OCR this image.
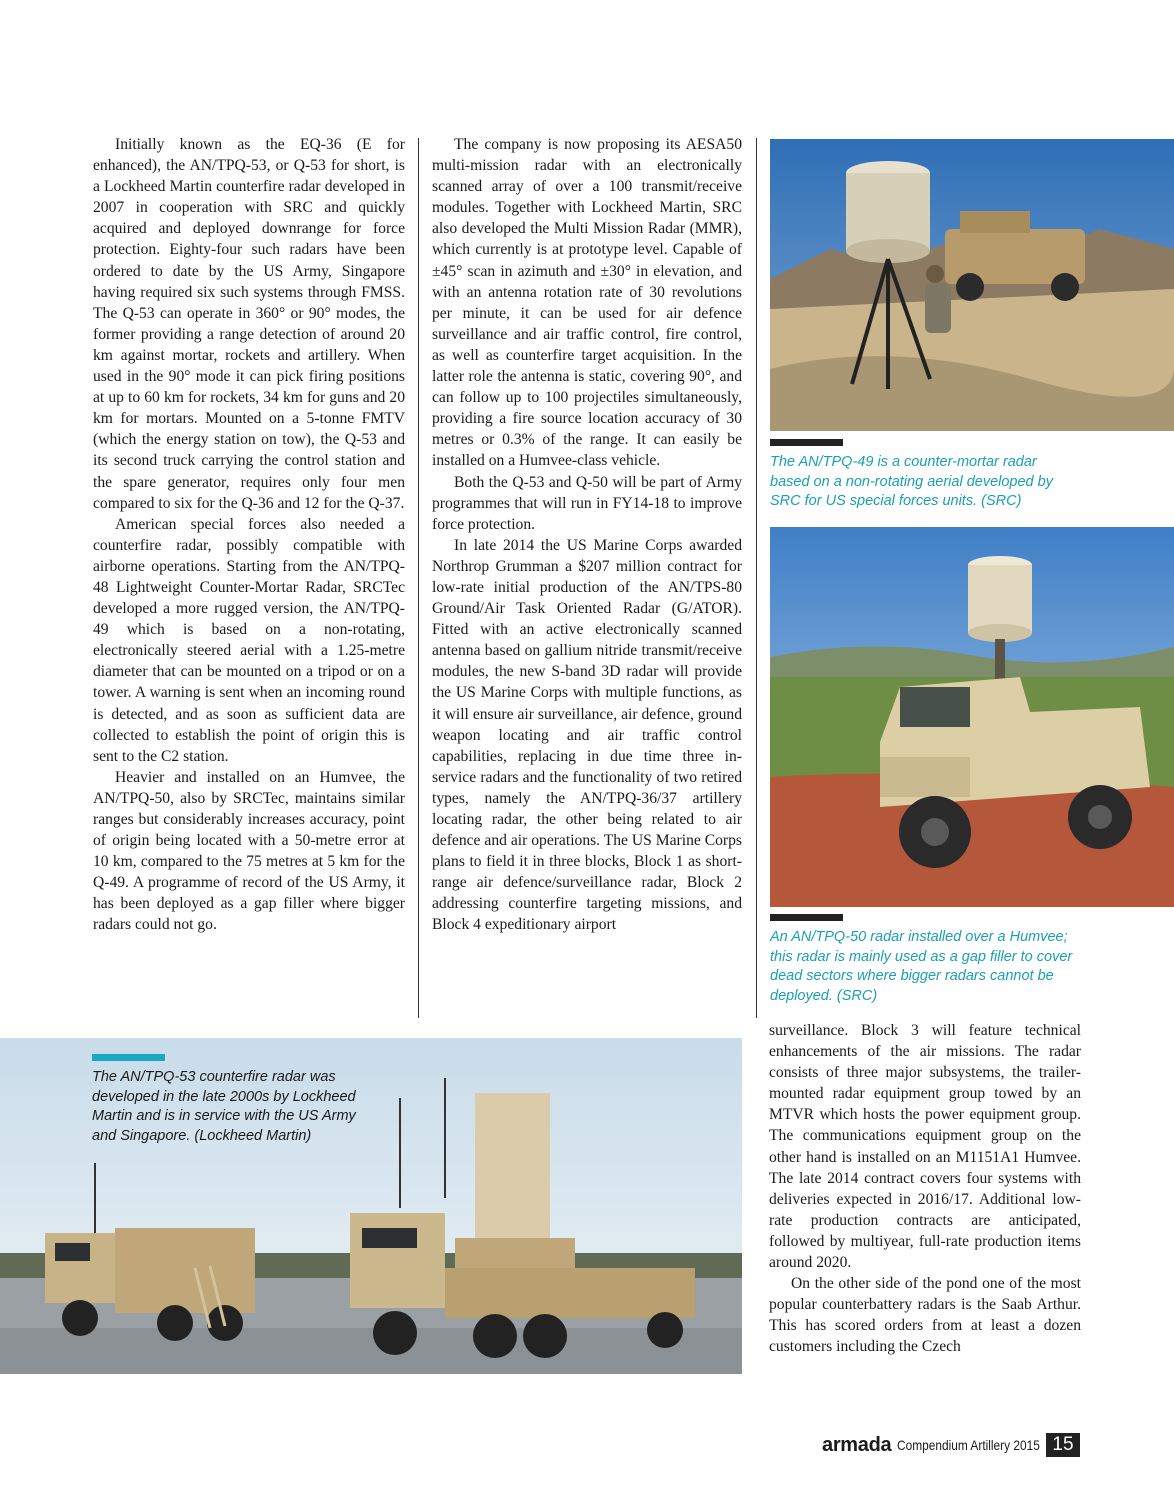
Initially known as the EQ-36 (E for enhanced), the AN/TPQ-53, or Q-53 for short, is a Lockheed Martin counterfire radar developed in 2007 in cooperation with SRC and quickly acquired and deployed downrange for force protection. Eighty-four such radars have been ordered to date by the US Army, Singapore having required six such systems through FMSS. The Q-53 can operate in 360° or 90° modes, the former providing a range detection of around 20 km against mortar, rockets and artillery. When used in the 90° mode it can pick firing positions at up to 60 km for rockets, 34 km for guns and 20 km for mortars. Mounted on a 5-tonne FMTV (which the energy station on tow), the Q-53 and its second truck carrying the control station and the spare generator, requires only four men compared to six for the Q-36 and 12 for the Q-37.

American special forces also needed a counterfire radar, possibly compatible with airborne operations. Starting from the AN/TPQ-48 Lightweight Counter-Mortar Radar, SRCTec developed a more rugged version, the AN/TPQ-49 which is based on a non-rotating, electronically steered aerial with a 1.25-metre diameter that can be mounted on a tripod or on a tower. A warning is sent when an incoming round is detected, and as soon as sufficient data are collected to establish the point of origin this is sent to the C2 station.

Heavier and installed on an Humvee, the AN/TPQ-50, also by SRCTec, maintains similar ranges but considerably increases accuracy, point of origin being located with a 50-metre error at 10 km, compared to the 75 metres at 5 km for the Q-49. A programme of record of the US Army, it has been deployed as a gap filler where bigger radars could not go.

The company is now proposing its AESA50 multi-mission radar with an electronically scanned array of over a 100 transmit/receive modules. Together with Lockheed Martin, SRC also developed the Multi Mission Radar (MMR), which currently is at prototype level. Capable of ±45° scan in azimuth and ±30° in elevation, and with an antenna rotation rate of 30 revolutions per minute, it can be used for air defence surveillance and air traffic control, fire control, as well as counterfire target acquisition. In the latter role the antenna is static, covering 90°, and can follow up to 100 projectiles simultaneously, providing a fire source location accuracy of 30 metres or 0.3% of the range. It can easily be installed on a Humvee-class vehicle.

Both the Q-53 and Q-50 will be part of Army programmes that will run in FY14-18 to improve force protection.

In late 2014 the US Marine Corps awarded Northrop Grumman a $207 million contract for low-rate initial production of the AN/TPS-80 Ground/Air Task Oriented Radar (G/ATOR). Fitted with an active electronically scanned antenna based on gallium nitride transmit/receive modules, the new S-band 3D radar will provide the US Marine Corps with multiple functions, as it will ensure air surveillance, air defence, ground weapon locating and air traffic control capabilities, replacing in due time three in-service radars and the functionality of two retired types, namely the AN/TPQ-36/37 artillery locating radar, the other being related to air defence and air operations. The US Marine Corps plans to field it in three blocks, Block 1 as short-range air defence/surveillance radar, Block 2 addressing counterfire targeting missions, and Block 4 expeditionary airport

The AN/TPQ-49 is a counter-mortar radar based on a non-rotating aerial developed by SRC for US special forces units. (SRC)
An AN/TPQ-50 radar installed over a Humvee; this radar is mainly used as a gap filler to cover dead sectors where bigger radars cannot be deployed. (SRC)
The AN/TPQ-53 counterfire radar was developed in the late 2000s by Lockheed Martin and is in service with the US Army and Singapore. (Lockheed Martin)

surveillance. Block 3 will feature technical enhancements of the air missions. The radar consists of three major subsystems, the trailer-mounted radar equipment group towed by an MTVR which hosts the power equipment group. The communications equipment group on the other hand is installed on an M1151A1 Humvee. The late 2014 contract covers four systems with deliveries expected in 2016/17. Additional low-rate production contracts are anticipated, followed by multiyear, full-rate production items around 2020.

On the other side of the pond one of the most popular counterbattery radars is the Saab Arthur. This has scored orders from at least a dozen customers including the Czech

armada Compendium Artillery 2015 15
